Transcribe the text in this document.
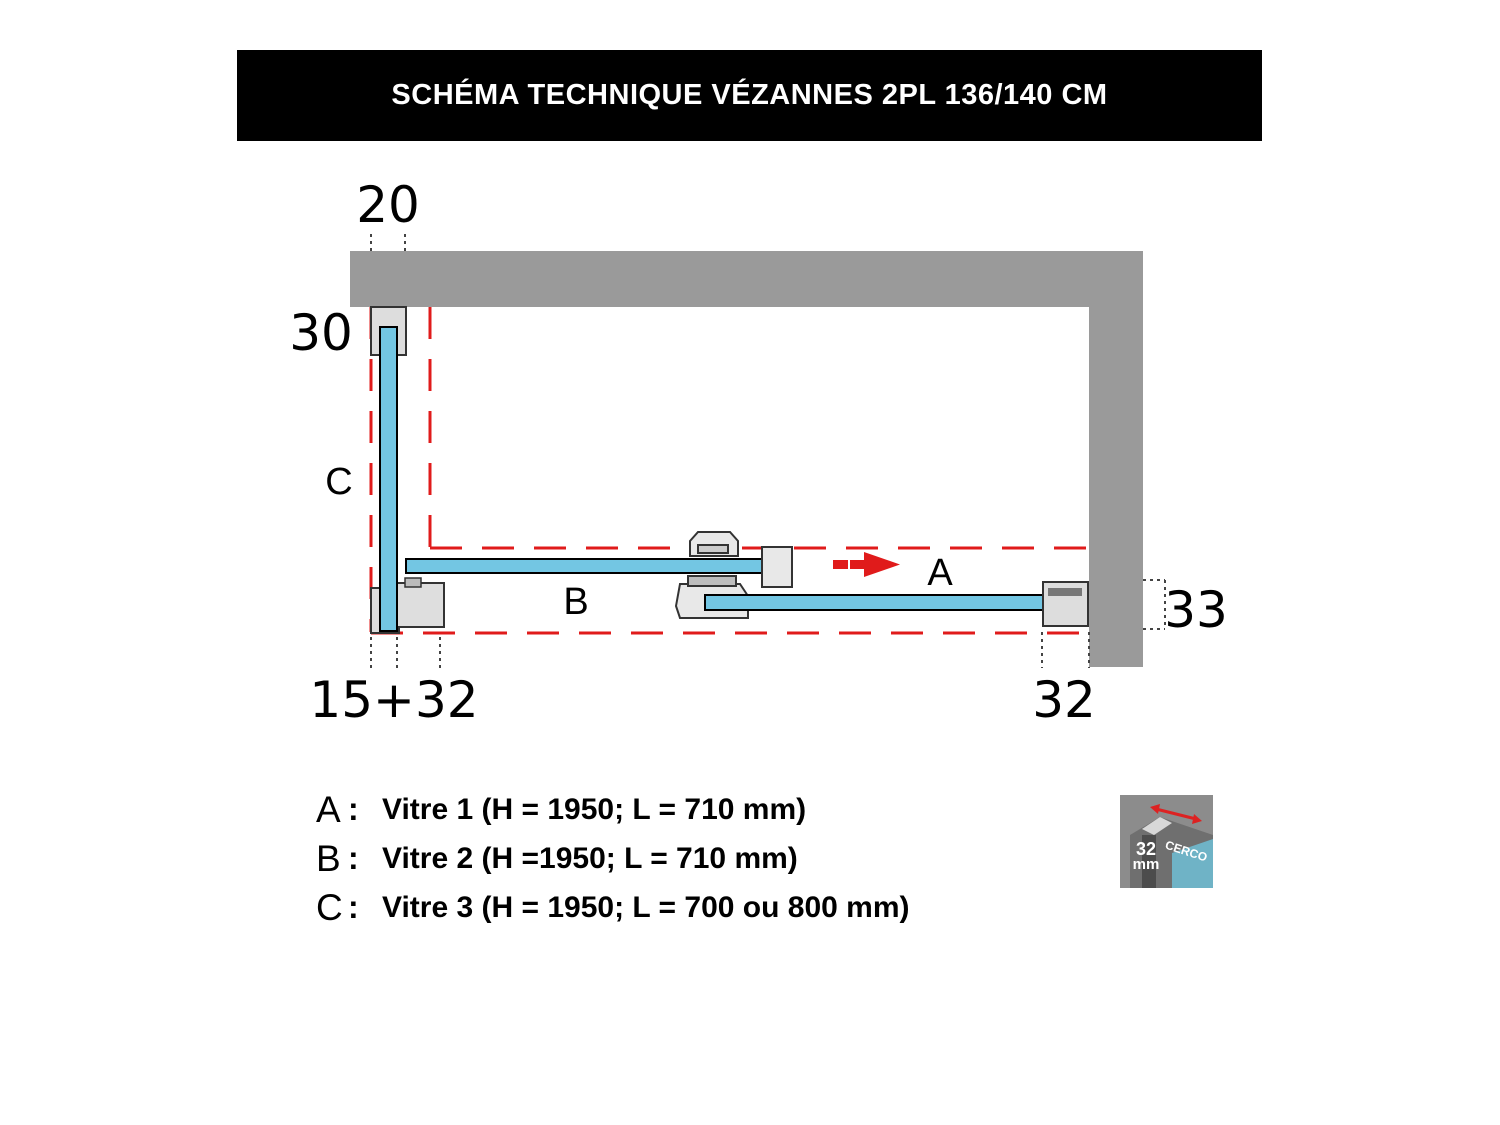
SCHÉMA TECHNIQUE VÉZANNES 2PL 136/140 CM
20
30
15+32	32
33
C
B
A
A : Vitre 1 (H = 1950; L = 710 mm)
B : Vitre 2 (H =1950; L = 710 mm)
C : Vitre 3 (H = 1950; L = 700 ou 800 mm)
32
mm CERCO
